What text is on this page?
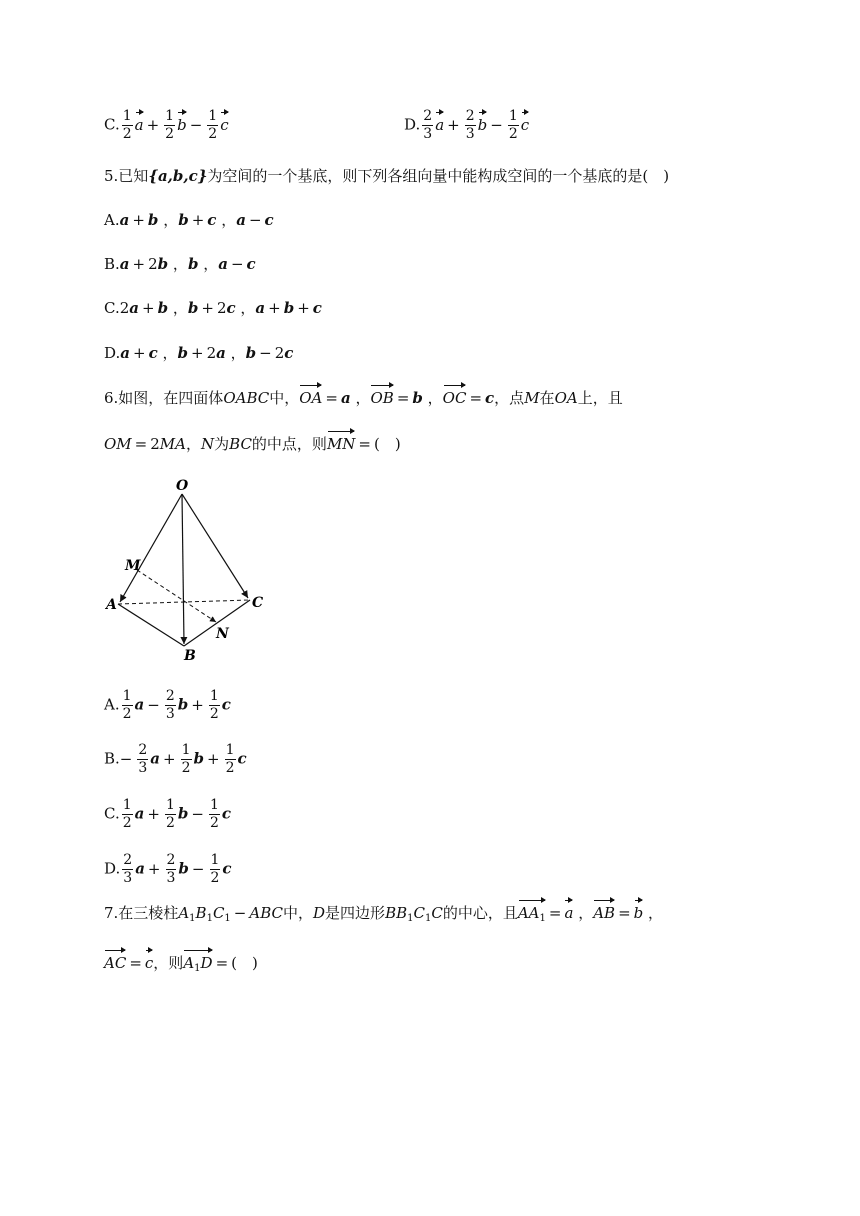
C. $\frac{1}{2}$ $a + \frac{1}{2}$ $b - \frac{1}{2}$ c	D. $\frac{2}{3}$ $a + \frac{2}{3}$ $b - \frac{1}{2}$ c
5.已知{a,b,c}为空间的一个基底，则下列各组向量中能构成空间的一个基底的是(　)
A.a + b ，b + c ，a − c
B.a + 2b ，b ，a − c
C.2a + b ，b + 2c ，a + b + c
D.a + c ，b + 2a ，b − 2c
6.如图，在四面体OABC中，OA = a ，OB = b ，OC = c，点M在OA上，且
OM = 2MA，N为BC的中点，则MN = (　)
O
M
A	C
N
B
A. $\frac{1}{2}$ $a - \frac{2}{3}$ $b + \frac{1}{2}$ c
$B.- \frac{2}{3}$ $a + \frac{1}{2}$ $b + \frac{1}{2}$ c
C. $\frac{1}{2}$ $a + \frac{1}{2}$ $b - \frac{1}{2}$ c
D. $\frac{2}{3}$ $a + \frac{2}{3}$ $b - \frac{1}{2}$ c
7.在三棱柱$A_1B_1C_1$ − ABC中，D是四边形$BB_1C_1C$的中心，且$AA_1 = a$ ，AB = b ，
AC = c，则$A_1D$ = (　)
